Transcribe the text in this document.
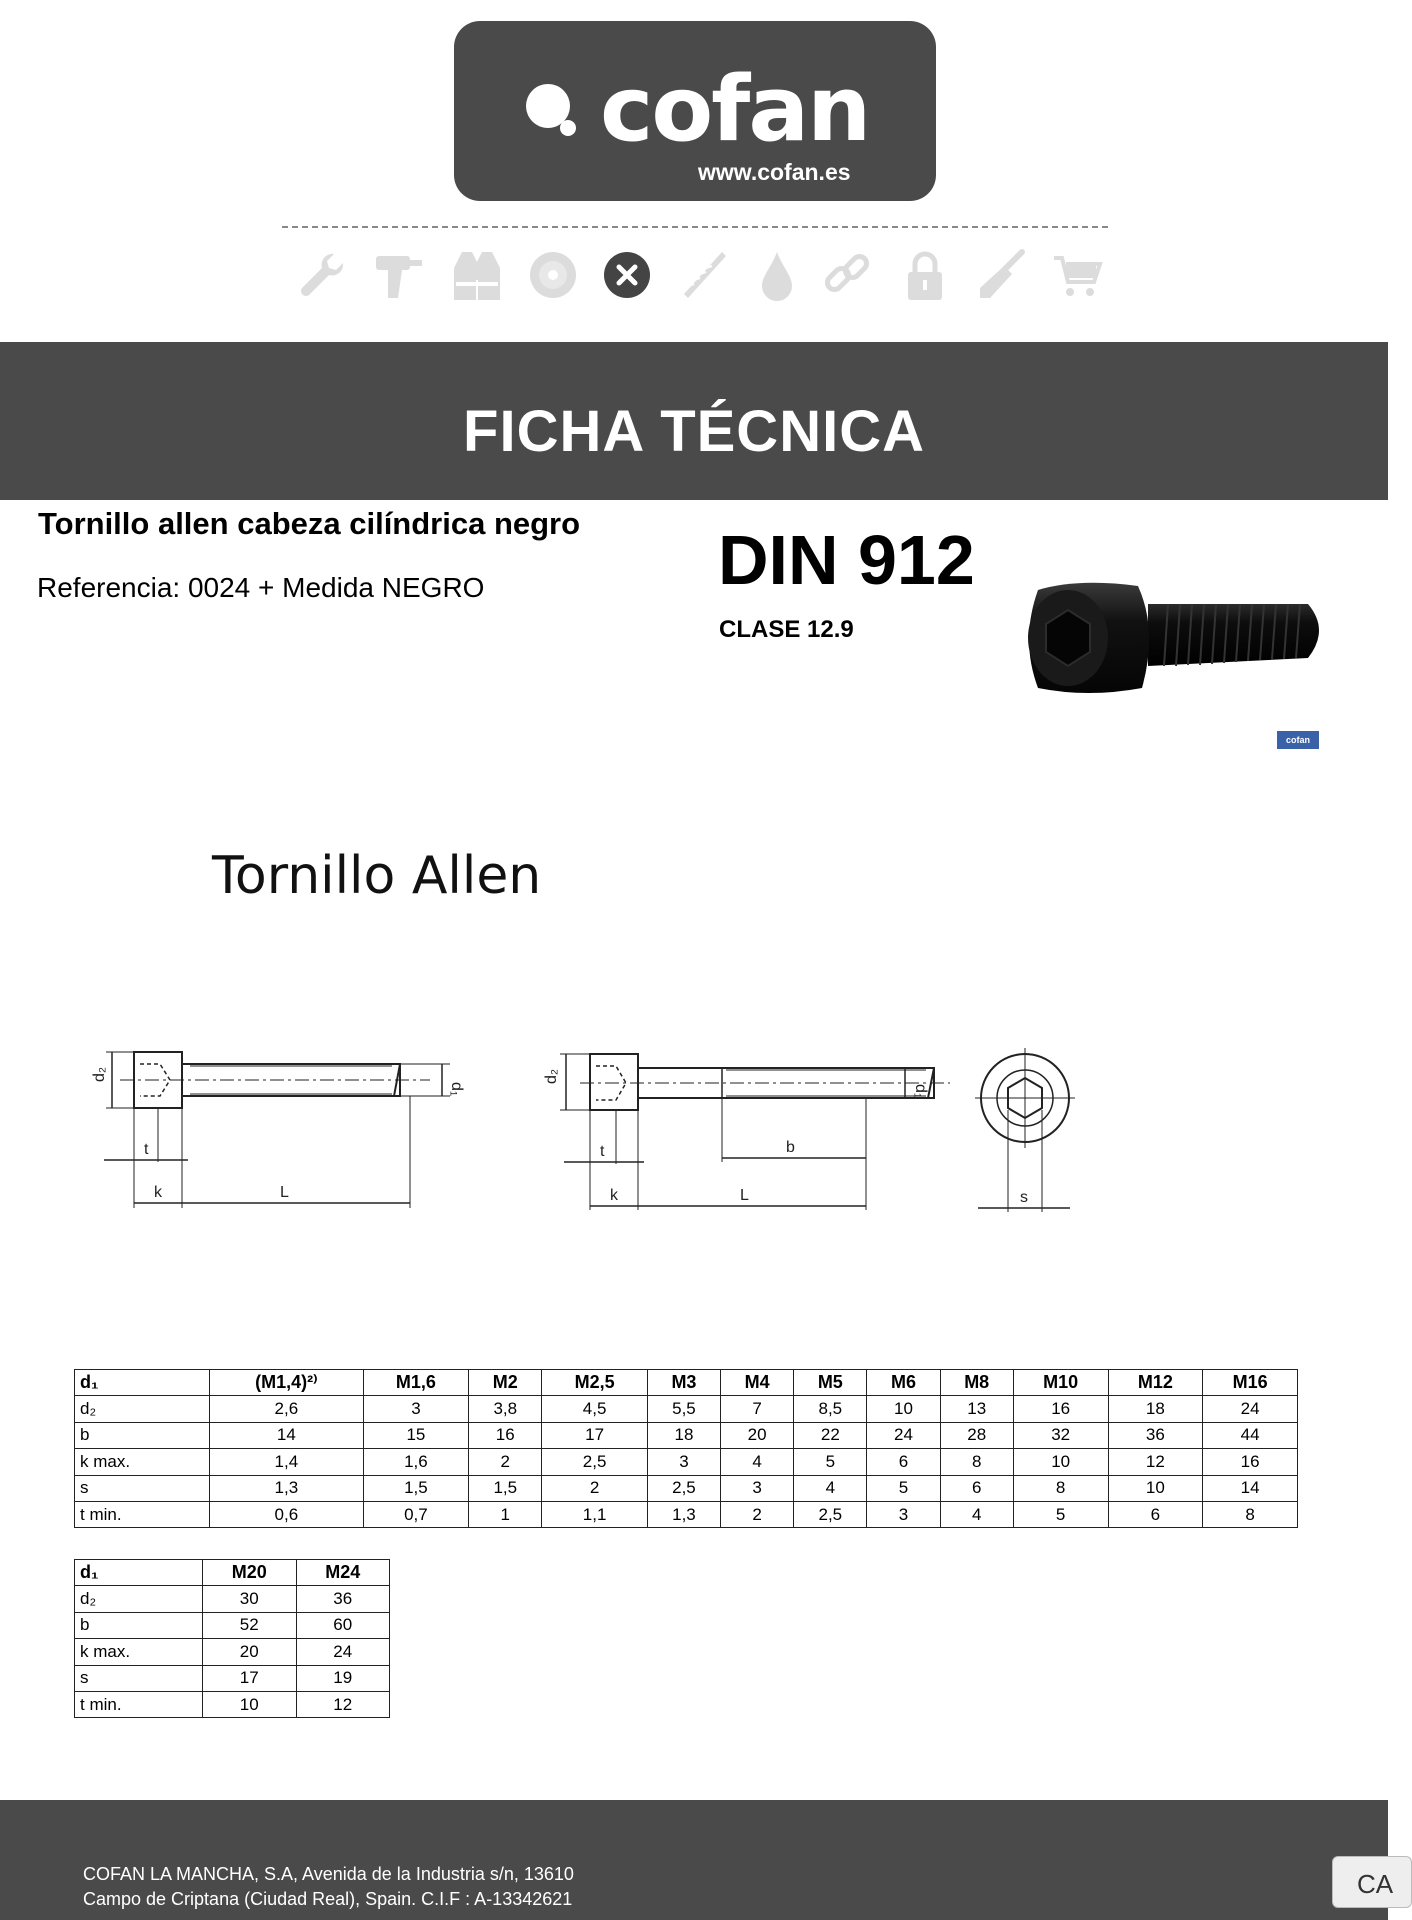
cofan
www.cofan.es
FICHA TÉCNICA
Tornillo allen cabeza cilíndrica negro
Referencia: 0024 + Medida NEGRO	DIN 912
CLASE 12.9
cofan
Tornillo Allen
d₂
d₁
t
k	L
d₂
d₁
t
k	L
b
s
d₁	(M1,4)²⁾	M1,6	M2	M2,5	M3	M4	M5	M6	M8	M10	M12	M16
d₂	2,6	3	3,8	4,5	5,5	7	8,5	10	13	16	18	24
b	14	15	16	17	18	20	22	24	28	32	36	44
k max.	1,4	1,6	2	2,5	3	4	5	6	8	10	12	16
s	1,3	1,5	1,5	2	2,5	3	4	5	6	8	10	14
t min.	0,6	0,7	1	1,1	1,3	2	2,5	3	4	5	6	8
d₁	M20	M24
d₂	30	36
b	52	60
k max.	20	24
s	17	19
t min.	10	12
COFAN LA MANCHA, S.A, Avenida de la Industria s/n, 13610
Campo de Criptana (Ciudad Real), Spain. C.I.F : A-13342621	CA
